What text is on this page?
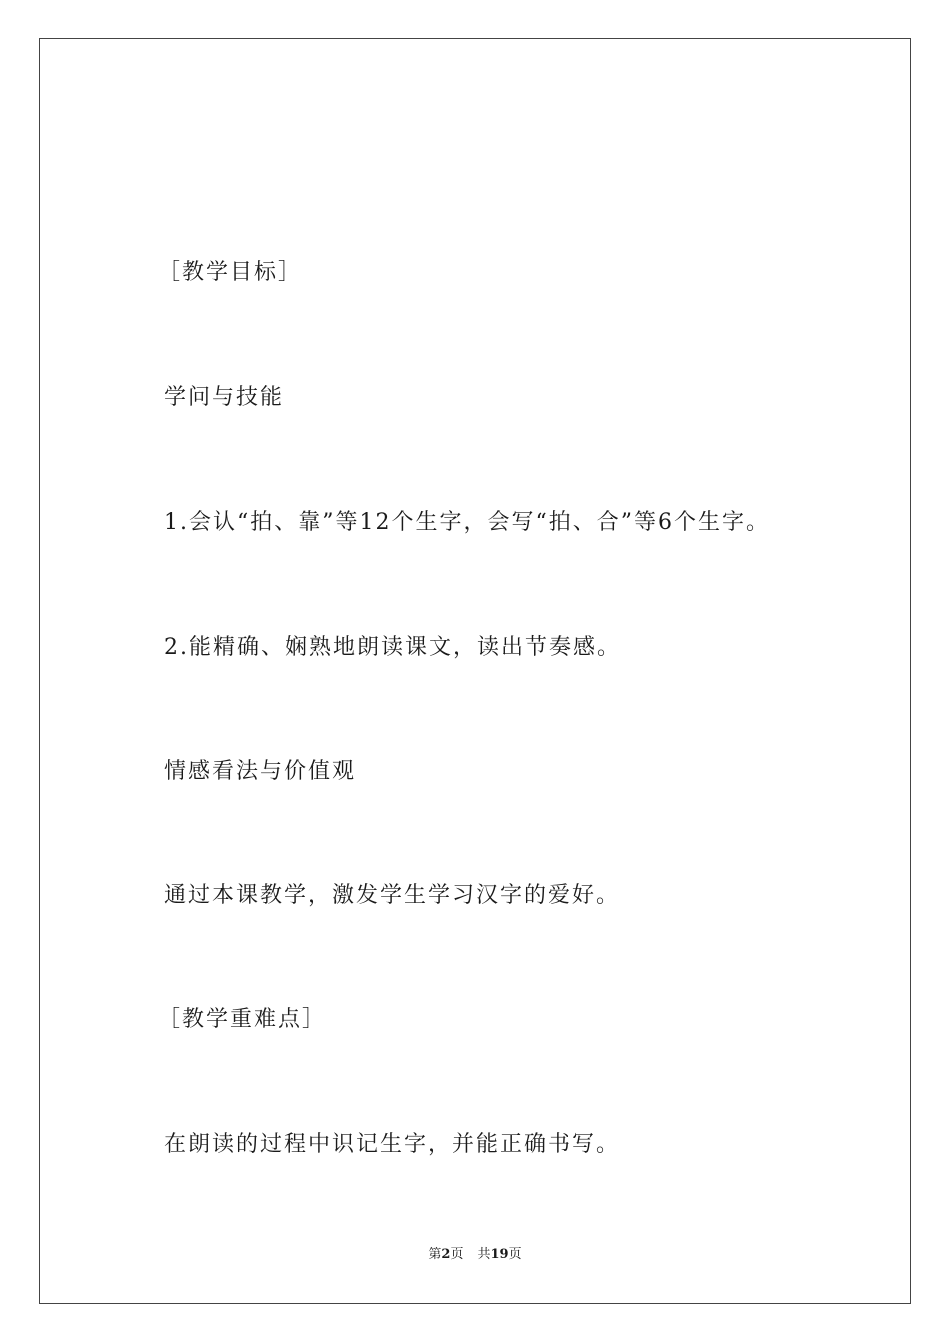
［教学目标］
学问与技能
1.会认“拍、靠”等12个生字，会写“拍、合”等6个生字。
2.能精确、娴熟地朗读课文，读出节奏感。
情感看法与价值观
通过本课教学，激发学生学习汉字的爱好。
［教学重难点］
在朗读的过程中识记生字，并能正确书写。
第2页 共19页
